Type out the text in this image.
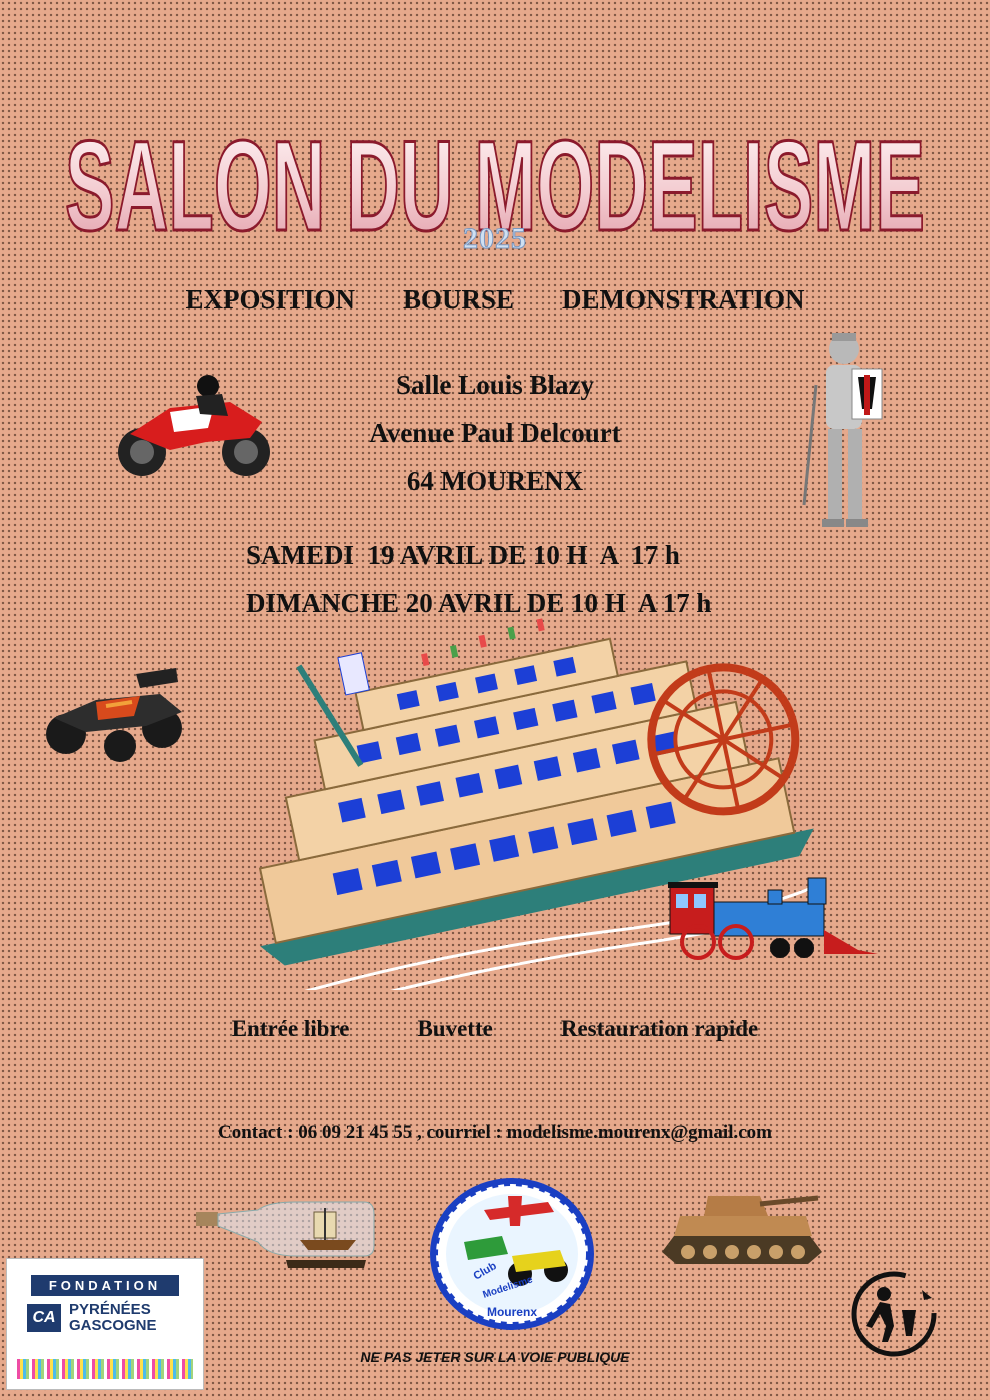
SALON DU MODELISME
2025
EXPOSITION BOURSE DEMONSTRATION
Salle Louis Blazy
Avenue Paul Delcourt
64 MOURENX
SAMEDI  19 AVRIL DE 10 H  A  17 h
DIMANCHE 20 AVRIL DE 10 H  A 17 h
Entrée libre	Buvette	Restauration rapide
Contact : 06 09 21 45 55 , courriel : modelisme.mourenx@gmail.com
Club
Modelisme
Mourenx
FONDATION
CA PYRÉNÉES
GASCOGNE
NE PAS JETER SUR LA VOIE PUBLIQUE
